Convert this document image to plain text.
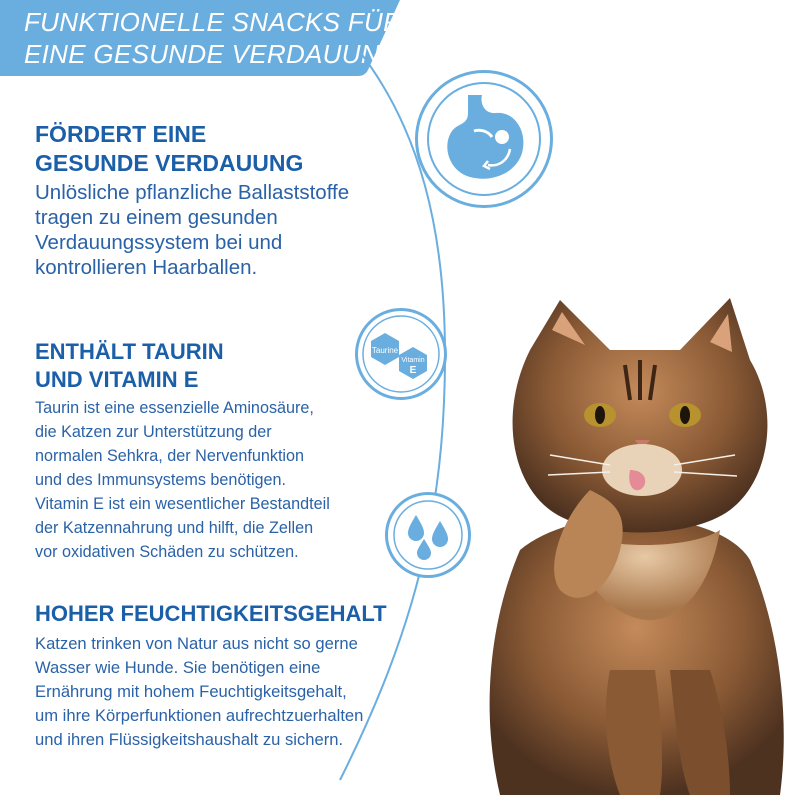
FUNKTIONELLE SNACKS FÜR
EINE GESUNDE VERDAUUNG
FÖRDERT EINE
GESUNDE VERDAUUNG
Unlösliche pflanzliche Ballaststoffe
tragen zu einem gesunden
Verdauungssystem bei und
kontrollieren Haarballen.
ENTHÄLT TAURIN
UND VITAMIN E
Taurin ist eine essenzielle Aminosäure,
die Katzen zur Unterstützung der
normalen Sehkra, der Nervenfunktion
und des Immunsystems benötigen.
Vitamin E ist ein wesentlicher Bestandteil
der Katzennahrung und hilft, die Zellen
vor oxidativen Schäden zu schützen.
HOHER FEUCHTIGKEITSGEHALT
Katzen trinken von Natur aus nicht so gerne
Wasser wie Hunde. Sie benötigen eine
Ernährung mit hohem Feuchtigkeitsgehalt,
um ihre Körperfunktionen aufrechtzuerhalten
und ihren Flüssigkeitshaushalt zu sichern.
Taurine
Vitamin
E
